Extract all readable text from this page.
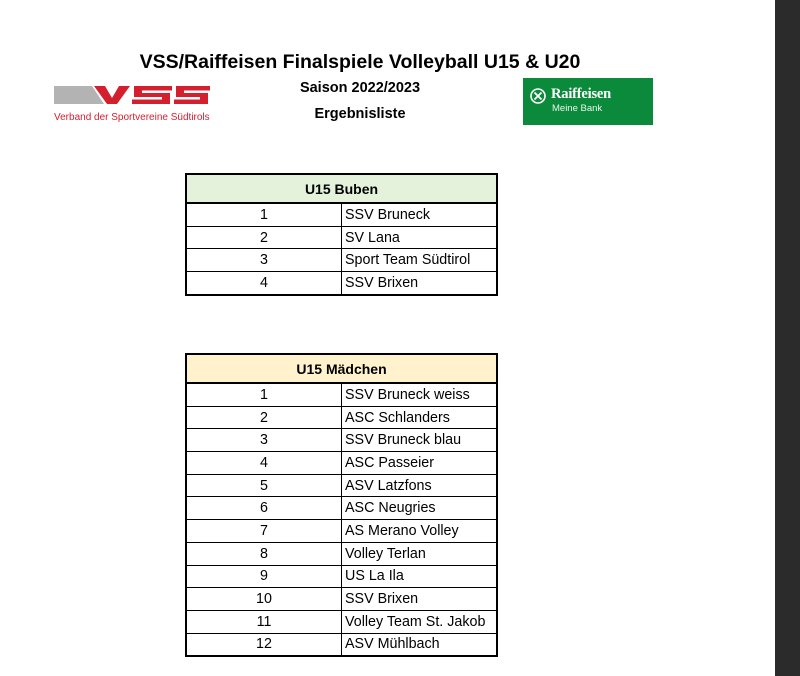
VSS/Raiffeisen Finalspiele Volleyball U15 & U20
Saison 2022/2023
Ergebnisliste
Verband der Sportvereine Südtirols
Raiffeisen
Meine Bank
U15 Buben	
1	SSV Bruneck
2	SV Lana
3	Sport Team Südtirol
4	SSV Brixen
U15 Mädchen	
1	SSV Bruneck weiss
2	ASC Schlanders
3	SSV Bruneck blau
4	ASC Passeier
5	ASV Latzfons
6	ASC Neugries
7	AS Merano Volley
8	Volley Terlan
9	US La Ila
10	SSV Brixen
11	Volley Team St. Jakob
12	ASV Mühlbach
